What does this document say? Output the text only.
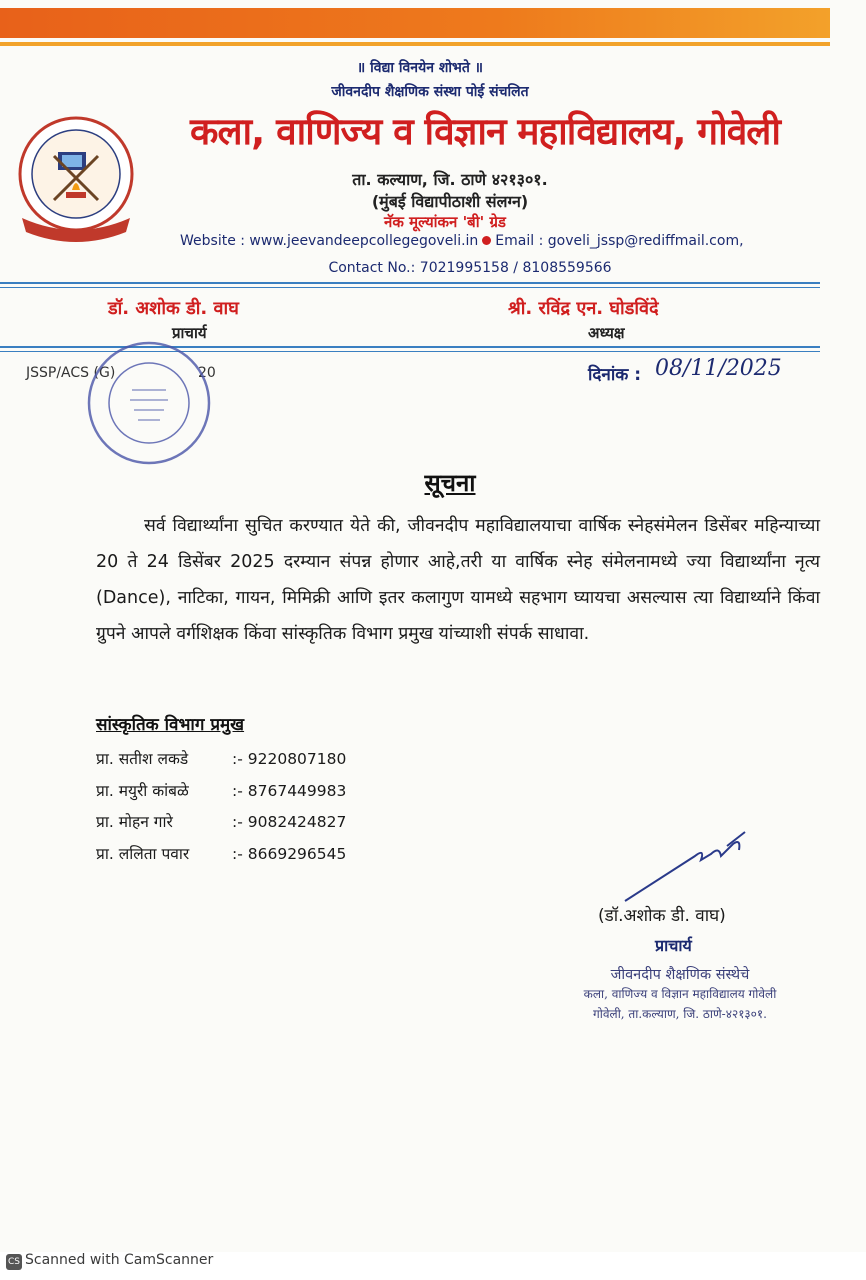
॥ विद्या विनयेन शोभते ॥
जीवनदीप शैक्षणिक संस्था पोई संचलित
कला, वाणिज्य व विज्ञान महाविद्यालय, गोवेली
ता. कल्याण, जि. ठाणे ४२१३०१.
(मुंबई विद्यापीठाशी संलग्न)
नॅक मूल्यांकन 'बी' ग्रेड
Website : www.jeevandeepcollegegoveli.in Email : goveli_jssp@rediffmail.com,
Contact No.: 7021995158 / 8108559566
डॉ. अशोक डी. वाघ
प्राचार्य
श्री. रविंद्र एन. घोडविंदे
अध्यक्ष
JSSP/ACS (G)	20	दिनांक : 08/11/2025
सूचना
सर्व विद्यार्थ्यांना सुचित करण्यात येते की, जीवनदीप महाविद्यालयाचा वार्षिक स्नेहसंमेलन डिसेंबर महिन्याच्या 20 ते 24 डिसेंबर 2025 दरम्यान संपन्न होणार आहे,तरी या वार्षिक स्नेह संमेलनामध्ये ज्या विद्यार्थ्यांना नृत्य (Dance), नाटिका, गायन, मिमिक्री आणि इतर कलागुण यामध्ये सहभाग घ्यायचा असल्यास त्या विद्यार्थ्याने किंवा ग्रुपने आपले वर्गशिक्षक किंवा सांस्कृतिक विभाग प्रमुख यांच्याशी संपर्क साधावा.
सांस्कृतिक विभाग प्रमुख
प्रा. सतीश लकडे	:- 9220807180
प्रा. मयुरी कांबळे	:- 8767449983
प्रा. मोहन गारे	:- 9082424827
प्रा. ललिता पवार	:- 8669296545
(डॉ.अशोक डी. वाघ)
प्राचार्य
जीवनदीप शैक्षणिक संस्थेचे
कला, वाणिज्य व विज्ञान महाविद्यालय गोवेली
गोवेली, ता.कल्याण, जि. ठाणे-४२१३०१.
CS Scanned with CamScanner
